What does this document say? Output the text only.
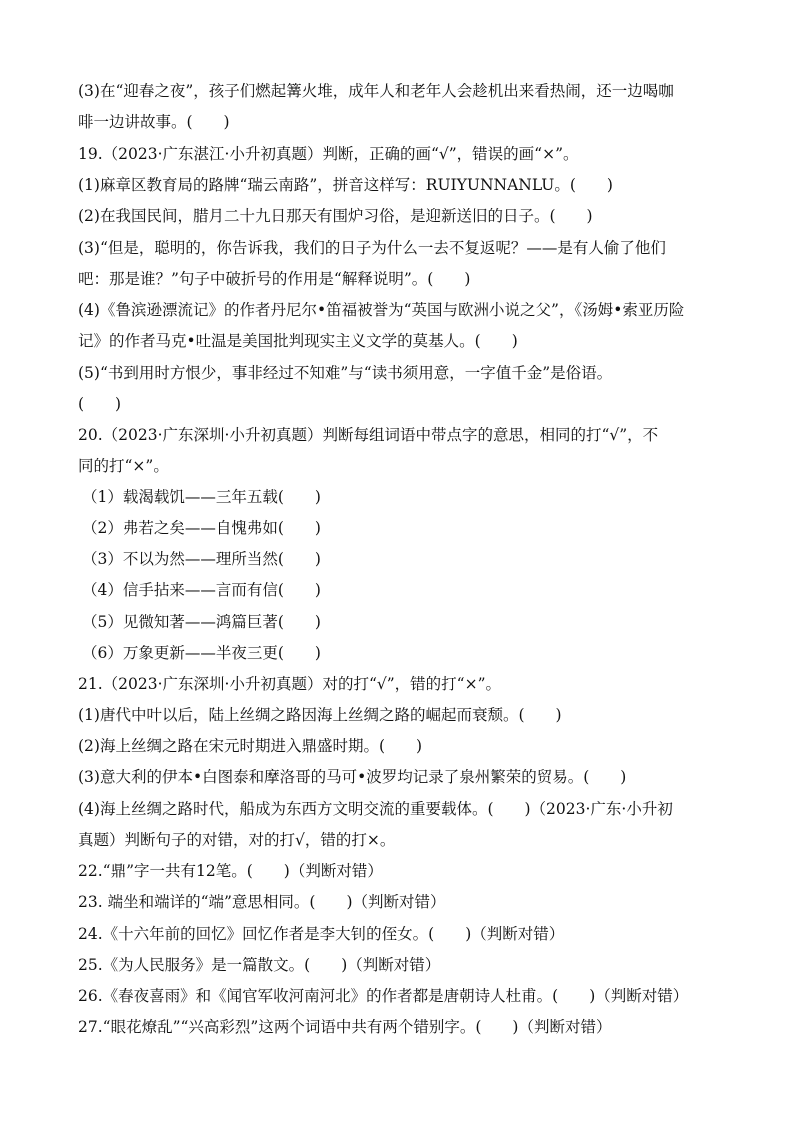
(3)在“迎春之夜”，孩子们燃起篝火堆，成年人和老年人会趁机出来看热闹，还一边喝咖
啡一边讲故事。(　　)
19.（2023·广东湛江·小升初真题）判断，正确的画“√”，错误的画“×”。
(1)麻章区教育局的路牌“瑞云南路”，拼音这样写：RUIYUNNANLU。(　　)
(2)在我国民间，腊月二十九日那天有围炉习俗，是迎新送旧的日子。(　　)
(3)“但是，聪明的，你告诉我，我们的日子为什么一去不复返呢？——是有人偷了他们
吧：那是谁？”句子中破折号的作用是“解释说明”。(　　)
(4)《鲁滨逊漂流记》的作者丹尼尔•笛福被誉为“英国与欧洲小说之父”，《汤姆•索亚历险
记》的作者马克•吐温是美国批判现实主义文学的莫基人。(　　)
(5)“书到用时方恨少，事非经过不知难”与“读书须用意，一字值千金”是俗语。
(　　)
20.（2023·广东深圳·小升初真题）判断每组词语中带点字的意思，相同的打“√”，不
同的打“×”。
（1）载渴载饥——三年五载(　　)
（2）弗若之矣——自愧弗如(　　)
（3）不以为然——理所当然(　　)
（4）信手拈来——言而有信(　　)
（5）见微知著——鸿篇巨著(　　)
（6）万象更新——半夜三更(　　)
21.（2023·广东深圳·小升初真题）对的打“√”，错的打“×”。
(1)唐代中叶以后，陆上丝绸之路因海上丝绸之路的崛起而衰颓。(　　)
(2)海上丝绸之路在宋元时期进入鼎盛时期。(　　)
(3)意大利的伊本•白图泰和摩洛哥的马可•波罗均记录了泉州繁荣的贸易。(　　)
(4)海上丝绸之路时代，船成为东西方文明交流的重要载体。(　　)（2023·广东·小升初
真题）判断句子的对错，对的打√，错的打×。
22.“鼎”字一共有12笔。(　　)（判断对错）
23. 端坐和端详的“端”意思相同。(　　)（判断对错）
24.《十六年前的回忆》回忆作者是李大钊的侄女。(　　)（判断对错）
25.《为人民服务》是一篇散文。(　　)（判断对错）
26.《春夜喜雨》和《闻官军收河南河北》的作者都是唐朝诗人杜甫。(　　)（判断对错）
27.“眼花燎乱”“兴高彩烈”这两个词语中共有两个错别字。(　　)（判断对错）
